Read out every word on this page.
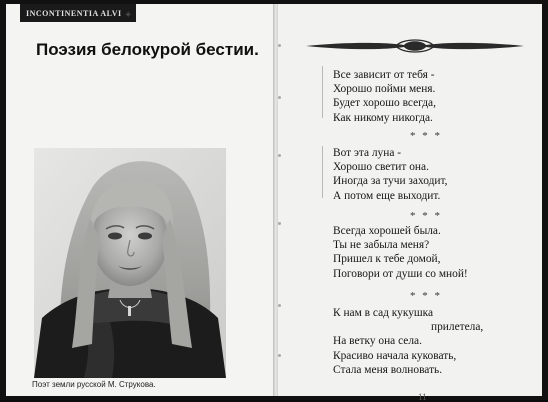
INCONTINENTIA ALVI ✦
Поэзия белокурой бестии.
Поэт земли русской М. Струкова.
Все зависит от тебя -
Хорошо пойми меня.
Будет хорошо всегда,
Как никому никогда.
* * *
Вот эта луна -
Хорошо светит она.
Иногда за тучи заходит,
А потом еще выходит.
* * *
Всегда хорошей была.
Ты не забыла меня?
Пришел к тебе домой,
Поговори от души со мной!
* * *
К нам в сад кукушка
прилетела,
На ветку она села.
Красиво начала куковать,
Стала меня волновать.
11
